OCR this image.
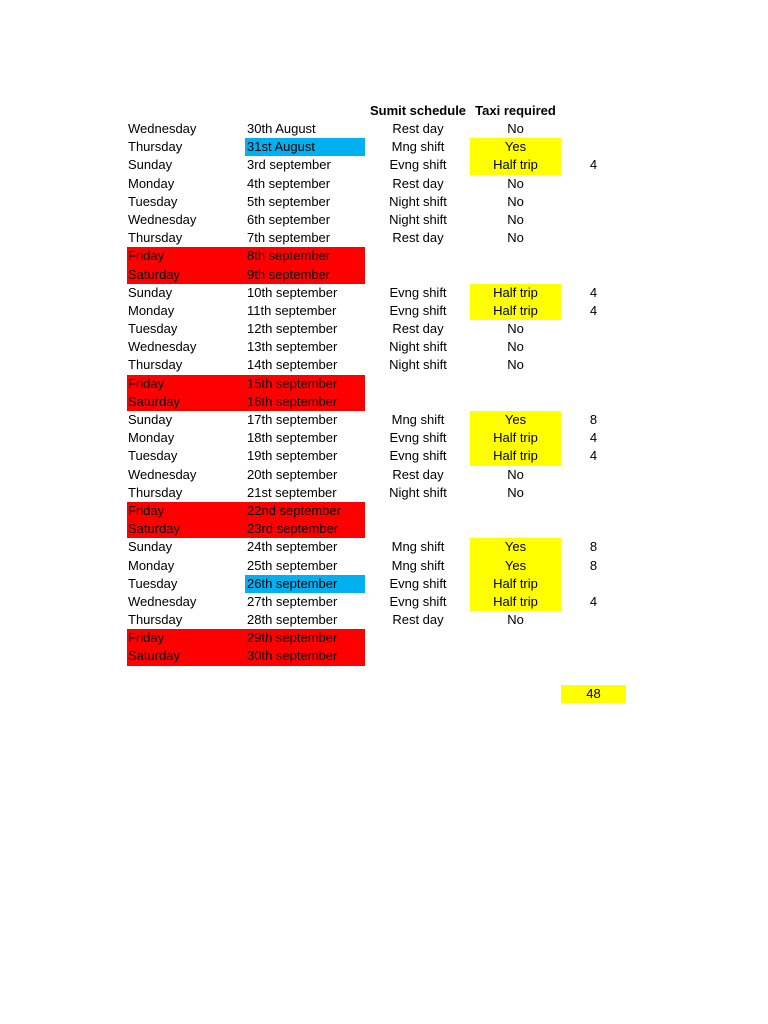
Sumit schedule Taxi required
Wednesday	30th August	Rest day	No
Thursday	31st August	Mng shift	Yes
Sunday	3rd september	Evng shift	Half trip	4
Monday	4th september	Rest day	No
Tuesday	5th september	Night shift	No
Wednesday	6th september	Night shift	No
Thursday	7th september	Rest day	No
Friday	8th september
Saturday	9th september
Sunday	10th september	Evng shift	Half trip	4
Monday	11th september	Evng shift	Half trip	4
Tuesday	12th september	Rest day	No
Wednesday	13th september	Night shift	No
Thursday	14th september	Night shift	No
Friday	15th september
Saturday	16th september
Sunday	17th september	Mng shift	Yes	8
Monday	18th september	Evng shift	Half trip	4
Tuesday	19th september	Evng shift	Half trip	4
Wednesday	20th september	Rest day	No
Thursday	21st september	Night shift	No
Friday	22nd september
Saturday	23rd september
Sunday	24th september	Mng shift	Yes	8
Monday	25th september	Mng shift	Yes	8
Tuesday	26th september	Evng shift	Half trip
Wednesday	27th september	Evng shift	Half trip	4
Thursday	28th september	Rest day	No
Friday	29th september
Saturday	30th september
48
